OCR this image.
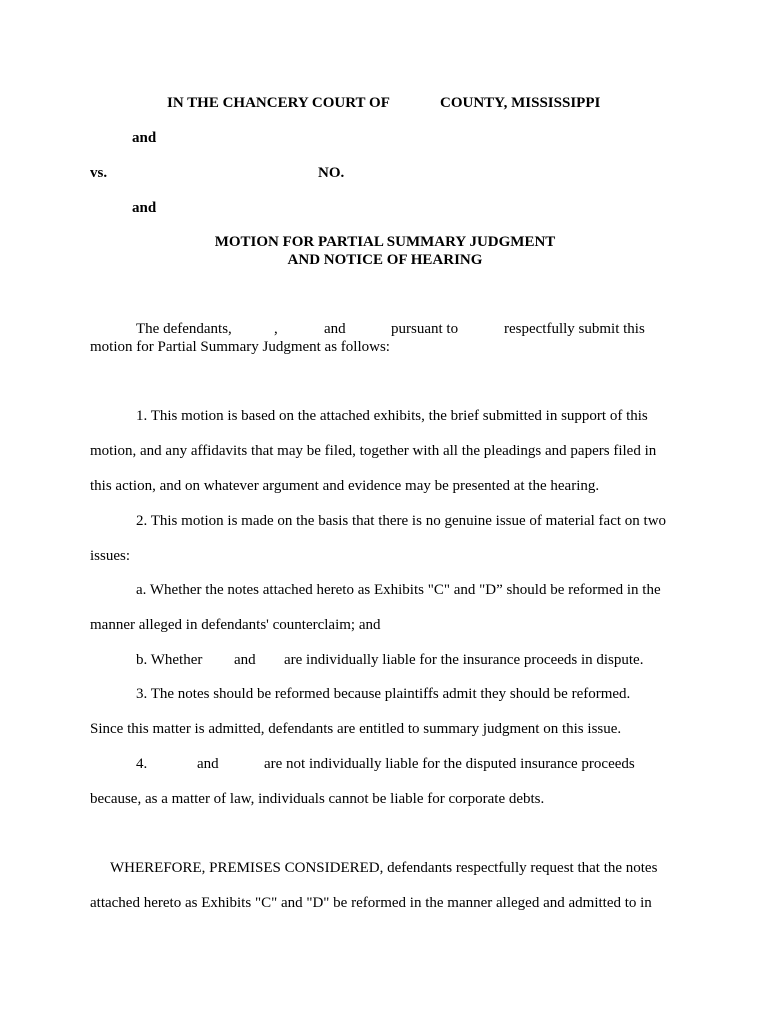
IN THE CHANCERY COURT OF	COUNTY, MISSISSIPPI
and
vs.	NO.
and
MOTION FOR PARTIAL SUMMARY JUDGMENT
AND NOTICE OF HEARING
The defendants,	,	and	pursuant to	respectfully submit this
motion for Partial Summary Judgment as follows:
1. This motion is based on the attached exhibits, the brief submitted in support of this
motion, and any affidavits that may be filed, together with all the pleadings and papers filed in
this action, and on whatever argument and evidence may be presented at the hearing.
2. This motion is made on the basis that there is no genuine issue of material fact on two
issues:
a. Whether the notes attached hereto as Exhibits "C" and "D” should be reformed in the
manner alleged in defendants' counterclaim; and
b. Whether and are individually liable for the insurance proceeds in dispute.
3. The notes should be reformed because plaintiffs admit they should be reformed.
Since this matter is admitted, defendants are entitled to summary judgment on this issue.
4.	and	are not individually liable for the disputed insurance proceeds
because, as a matter of law, individuals cannot be liable for corporate debts.
WHEREFORE, PREMISES CONSIDERED, defendants respectfully request that the notes
attached hereto as Exhibits "C" and "D" be reformed in the manner alleged and admitted to in
